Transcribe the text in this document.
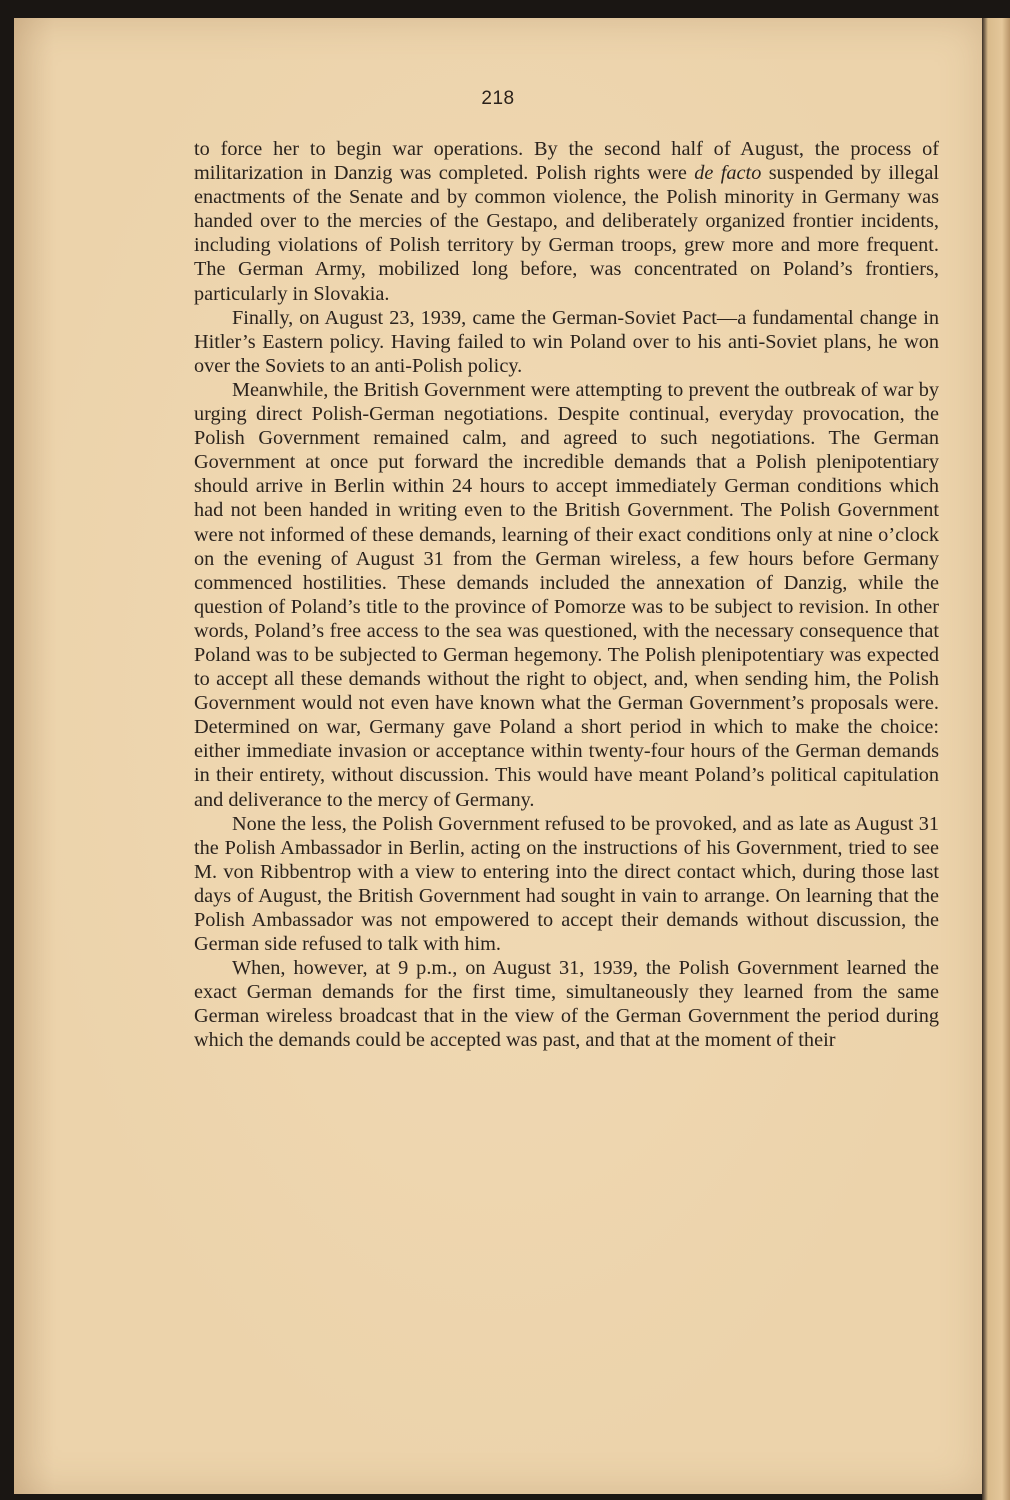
218

to force her to begin war operations. By the second half of August, the process of militarization in Danzig was completed. Polish rights were de facto suspended by illegal enactments of the Senate and by common violence, the Polish minority in Germany was handed over to the mercies of the Gestapo, and deliberately organized frontier incidents, including violations of Polish territory by German troops, grew more and more frequent. The German Army, mobilized long before, was concentrated on Poland’s frontiers, particularly in Slovakia.

Finally, on August 23, 1939, came the German-Soviet Pact—a fundamental change in Hitler’s Eastern policy. Having failed to win Poland over to his anti-Soviet plans, he won over the Soviets to an anti-Polish policy.

Meanwhile, the British Government were attempting to prevent the outbreak of war by urging direct Polish-German negotiations. Despite continual, everyday provocation, the Polish Government remained calm, and agreed to such negotiations. The German Government at once put forward the incredible demands that a Polish plenipotentiary should arrive in Berlin within 24 hours to accept immediately German conditions which had not been handed in writing even to the British Government. The Polish Government were not informed of these demands, learning of their exact conditions only at nine o’clock on the evening of August 31 from the German wireless, a few hours before Germany commenced hostilities. These demands included the annexation of Danzig, while the question of Poland’s title to the province of Pomorze was to be subject to revision. In other words, Poland’s free access to the sea was questioned, with the necessary consequence that Poland was to be subjected to German hegemony. The Polish plenipotentiary was expected to accept all these demands without the right to object, and, when sending him, the Polish Government would not even have known what the German Government’s proposals were. Determined on war, Germany gave Poland a short period in which to make the choice: either immediate invasion or acceptance within twenty-four hours of the German demands in their entirety, without discussion. This would have meant Poland’s political capitulation and deliverance to the mercy of Germany.

None the less, the Polish Government refused to be provoked, and as late as August 31 the Polish Ambassador in Berlin, acting on the instructions of his Government, tried to see M. von Ribbentrop with a view to entering into the direct contact which, during those last days of August, the British Government had sought in vain to arrange. On learning that the Polish Ambassador was not empowered to accept their demands without discussion, the German side refused to talk with him.

When, however, at 9 p.m., on August 31, 1939, the Polish Government learned the exact German demands for the first time, simultaneously they learned from the same German wireless broadcast that in the view of the German Government the period during which the demands could be accepted was past, and that at the moment of their
